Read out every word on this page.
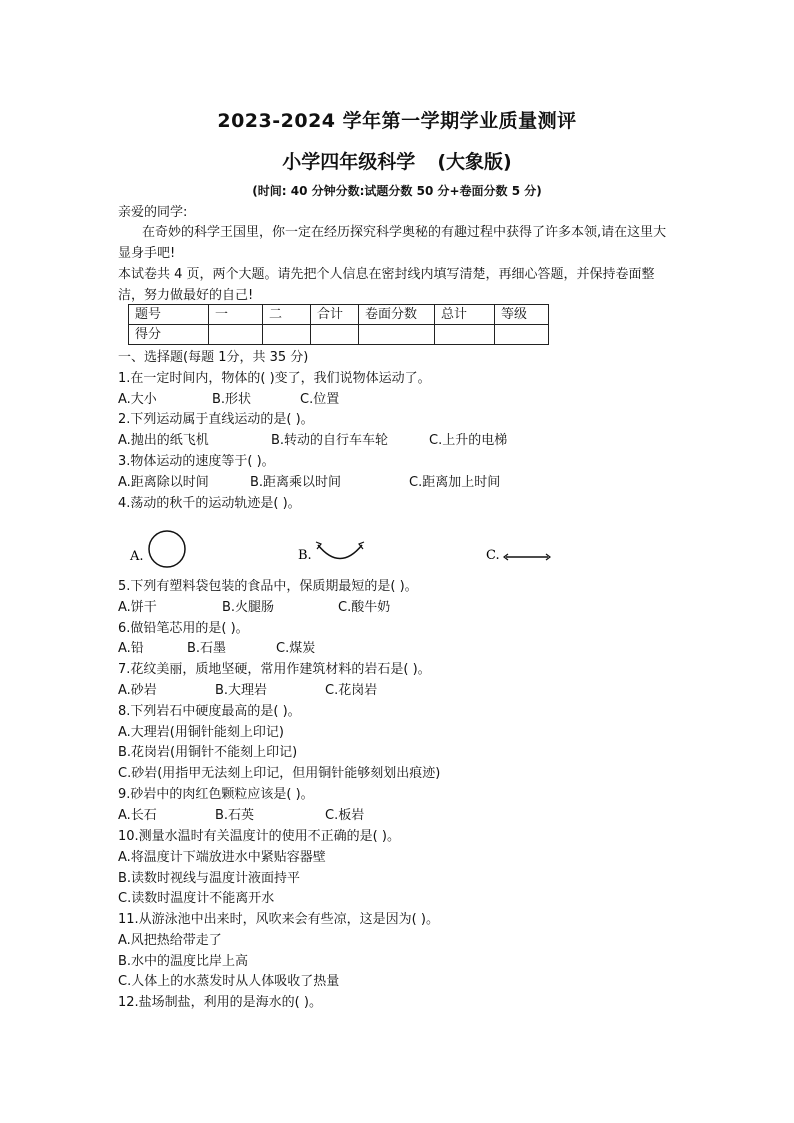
2023-2024 学年第一学期学业质量测评
小学四年级科学 (大象版)
(时间: 40 分钟分数:试题分数 50 分+卷面分数 5 分)
亲爱的同学:
在奇妙的科学王国里，你一定在经历探究科学奥秘的有趣过程中获得了许多本领,请在这里大显身手吧!
本试卷共 4 页，两个大题。请先把个人信息在密封线内填写清楚，再细心答题，并保持卷面整洁，努力做最好的自己!
题号	一	二	合计	卷面分数	总计	等级
得分						
一、选择题(每题 1分，共 35 分)
1.在一定时间内，物体的( )变了，我们说物体运动了。
A.大小	B.形状	C.位置
2.下列运动属于直线运动的是( )。
A.抛出的纸飞机	B.转动的自行车车轮	C.上升的电梯
3.物体运动的速度等于( )。
A.距离除以时间	B.距离乘以时间	C.距离加上时间
4.荡动的秋千的运动轨迹是( )。
A.	B.	C.
5.下列有塑料袋包装的食品中，保质期最短的是( )。
A.饼干	B.火腿肠	C.酸牛奶
6.做铅笔芯用的是( )。
A.铅	B.石墨	C.煤炭
7.花纹美丽，质地坚硬，常用作建筑材料的岩石是( )。
A.砂岩	B.大理岩	C.花岗岩
8.下列岩石中硬度最高的是( )。
A.大理岩(用铜针能刻上印记)
B.花岗岩(用铜针不能刻上印记)
C.砂岩(用指甲无法刻上印记，但用铜针能够刻划出痕迹)
9.砂岩中的肉红色颗粒应该是( )。
A.长石	B.石英	C.板岩
10.测量水温时有关温度计的使用不正确的是( )。
A.将温度计下端放进水中紧贴容器壁
B.读数时视线与温度计液面持平
C.读数时温度计不能离开水
11.从游泳池中出来时，风吹来会有些凉，这是因为( )。
A.风把热给带走了
B.水中的温度比岸上高
C.人体上的水蒸发时从人体吸收了热量
12.盐场制盐，利用的是海水的( )。
